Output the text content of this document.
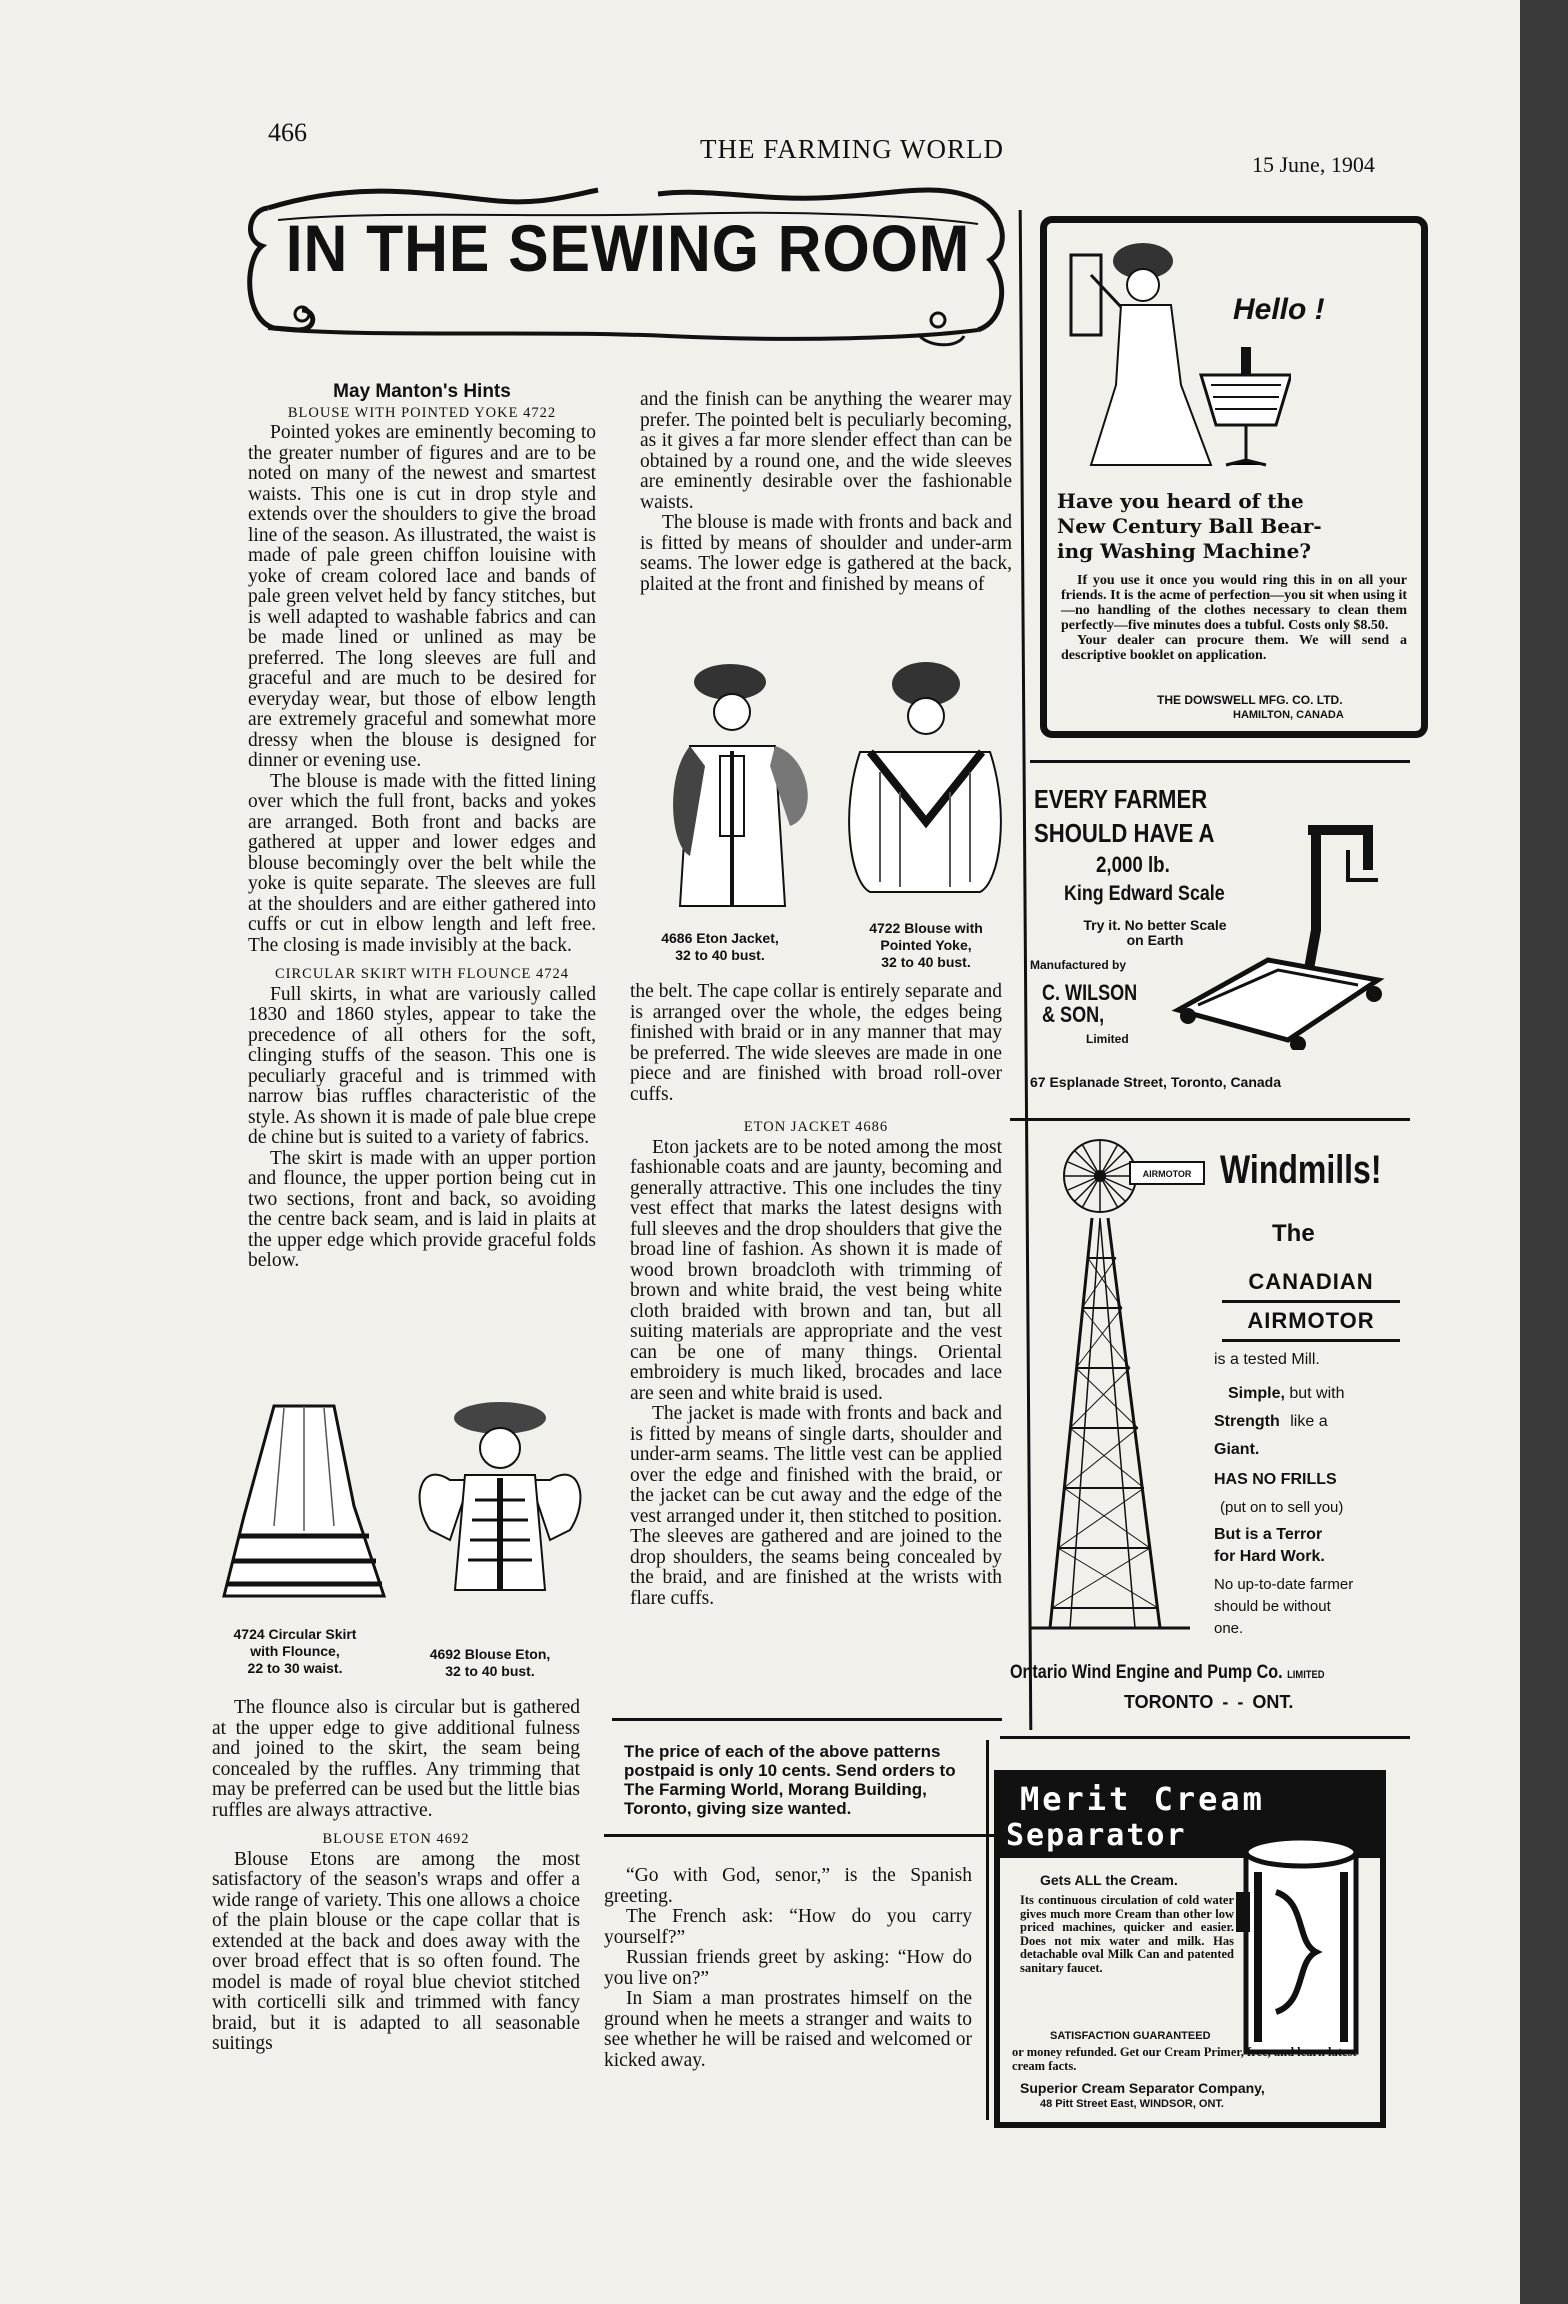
466
THE FARMING WORLD
15 June, 1904
IN THE SEWING ROOM

May Manton's Hints

BLOUSE WITH POINTED YOKE 4722

Pointed yokes are eminently becoming to the greater number of figures and are to be noted on many of the newest and smartest waists. This one is cut in drop style and extends over the shoulders to give the broad line of the season. As illustrated, the waist is made of pale green chiffon louisine with yoke of cream colored lace and bands of pale green velvet held by fancy stitches, but is well adapted to washable fabrics and can be made lined or unlined as may be preferred. The long sleeves are full and graceful and are much to be desired for everyday wear, but those of elbow length are extremely graceful and somewhat more dressy when the blouse is designed for dinner or evening use.

The blouse is made with the fitted lining over which the full front, backs and yokes are arranged. Both front and backs are gathered at upper and lower edges and blouse becomingly over the belt while the yoke is quite separate. The sleeves are full at the shoulders and are either gathered into cuffs or cut in elbow length and left free. The closing is made invisibly at the back.

CIRCULAR SKIRT WITH FLOUNCE 4724

Full skirts, in what are variously called 1830 and 1860 styles, appear to take the precedence of all others for the soft, clinging stuffs of the season. This one is peculiarly graceful and is trimmed with narrow bias ruffles characteristic of the style. As shown it is made of pale blue crepe de chine but is suited to a variety of fabrics.

The skirt is made with an upper portion and flounce, the upper portion being cut in two sections, front and back, so avoiding the centre back seam, and is laid in plaits at the upper edge which provide graceful folds below.

4724 Circular Skirt
with Flounce,
22 to 30 waist.
4692 Blouse Eton,
32 to 40 bust.

The flounce also is circular but is gathered at the upper edge to give additional fulness and joined to the skirt, the seam being concealed by the ruffles. Any trimming that may be preferred can be used but the little bias ruffles are always attractive.

BLOUSE ETON 4692

Blouse Etons are among the most satisfactory of the season's wraps and offer a wide range of variety. This one allows a choice of the plain blouse or the cape collar that is extended at the back and does away with the over broad effect that is so often found. The model is made of royal blue cheviot stitched with corticelli silk and trimmed with fancy braid, but it is adapted to all seasonable suitings

and the finish can be anything the wearer may prefer. The pointed belt is peculiarly becoming, as it gives a far more slender effect than can be obtained by a round one, and the wide sleeves are eminently desirable over the fashionable waists.

The blouse is made with fronts and back and is fitted by means of shoulder and under-arm seams. The lower edge is gathered at the back, plaited at the front and finished by means of

4686 Eton Jacket,
32 to 40 bust.
4722 Blouse with
Pointed Yoke,
32 to 40 bust.

the belt. The cape collar is entirely separate and is arranged over the whole, the edges being finished with braid or in any manner that may be preferred. The wide sleeves are made in one piece and are finished with broad roll-over cuffs.

ETON JACKET 4686

Eton jackets are to be noted among the most fashionable coats and are jaunty, becoming and generally attractive. This one includes the tiny vest effect that marks the latest designs with full sleeves and the drop shoulders that give the broad line of fashion. As shown it is made of wood brown broadcloth with trimming of brown and white braid, the vest being white cloth braided with brown and tan, but all suiting materials are appropriate and the vest can be one of many things. Oriental embroidery is much liked, brocades and lace are seen and white braid is used.

The jacket is made with fronts and back and is fitted by means of single darts, shoulder and under-arm seams. The little vest can be applied over the edge and finished with the braid, or the jacket can be cut away and the edge of the vest arranged under it, then stitched to position. The sleeves are gathered and are joined to the drop shoulders, the seams being concealed by the braid, and are finished at the wrists with flare cuffs.

The price of each of the above patterns postpaid is only 10 cents. Send orders to The Farming World, Morang Building, Toronto, giving size wanted.

“Go with God, senor,” is the Spanish greeting.

The French ask: “How do you carry yourself?”

Russian friends greet by asking: “How do you live on?”

In Siam a man prostrates himself on the ground when he meets a stranger and waits to see whether he will be raised and welcomed or kicked away.

Hello !
Have you heard of the
New Century Ball Bear-
ing Washing Machine?
If you use it once you would ring this in on all your friends. It is the acme of perfection—you sit when using it—no handling of the clothes necessary to clean them perfectly—five minutes does a tubful. Costs only $8.50.
Your dealer can procure them. We will send a descriptive booklet on application.
THE DOWSWELL MFG. CO. LTD.
HAMILTON, CANADA
EVERY FARMER
SHOULD HAVE A
2,000 lb.
King Edward Scale
Try it. No better Scale
on Earth
Manufactured by
C. WILSON
& SON,
Limited
67 Esplanade Street, Toronto, Canada
AIRMOTOR Windmills!
The
CANADIAN
AIRMOTOR
is a tested Mill.
Simple, but with
Strength like a
Giant.
HAS NO FRILLS
(put on to sell you)
But is a Terror
for Hard Work.
No up-to-date farmer should be without one.
Ontario Wind Engine and Pump Co. LIMITED
TORONTO - - ONT.
Merit Cream
Separator
Gets ALL the Cream.
Its continuous circulation of cold water gives much more Cream than other low priced machines, quicker and easier. Does not mix water and milk. Has detachable oval Milk Can and patented sanitary faucet.
SATISFACTION GUARANTEED
or money refunded. Get our Cream Primer, free, and learn latest cream facts.
Superior Cream Separator Company,
48 Pitt Street East, WINDSOR, ONT.
